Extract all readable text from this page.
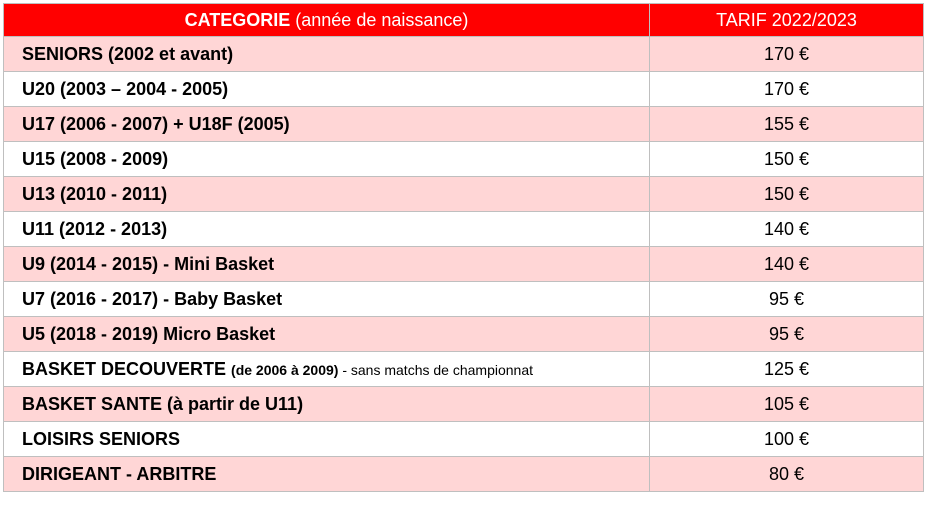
CATEGORIE (année de naissance)	TARIF 2022/2023
SENIORS (2002 et avant)	170 €
U20 (2003 – 2004 - 2005)	170 €
U17 (2006 - 2007) + U18F (2005)	155 €
U15 (2008 - 2009)	150 €
U13 (2010 - 2011)	150 €
U11 (2012 - 2013)	140 €
U9 (2014 - 2015) - Mini Basket	140 €
U7 (2016 - 2017) - Baby Basket	95 €
U5 (2018 - 2019) Micro Basket	95 €
BASKET DECOUVERTE (de 2006 à 2009) - sans matchs de championnat	125 €
BASKET SANTE (à partir de U11)	105 €
LOISIRS SENIORS	100 €
DIRIGEANT - ARBITRE	80 €
